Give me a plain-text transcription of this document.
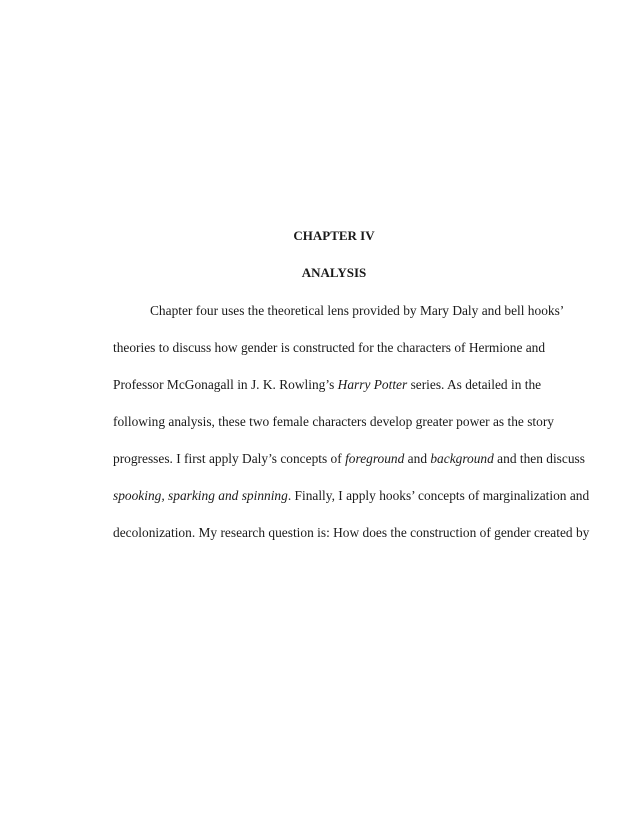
CHAPTER IV
ANALYSIS
Chapter four uses the theoretical lens provided by Mary Daly and bell hooks’
theories to discuss how gender is constructed for the characters of Hermione and
Professor McGonagall in J. K. Rowling’s Harry Potter series. As detailed in the
following analysis, these two female characters develop greater power as the story
progresses. I first apply Daly’s concepts of foreground and background and then discuss
spooking, sparking and spinning. Finally, I apply hooks’ concepts of marginalization and
decolonization. My research question is: How does the construction of gender created by
